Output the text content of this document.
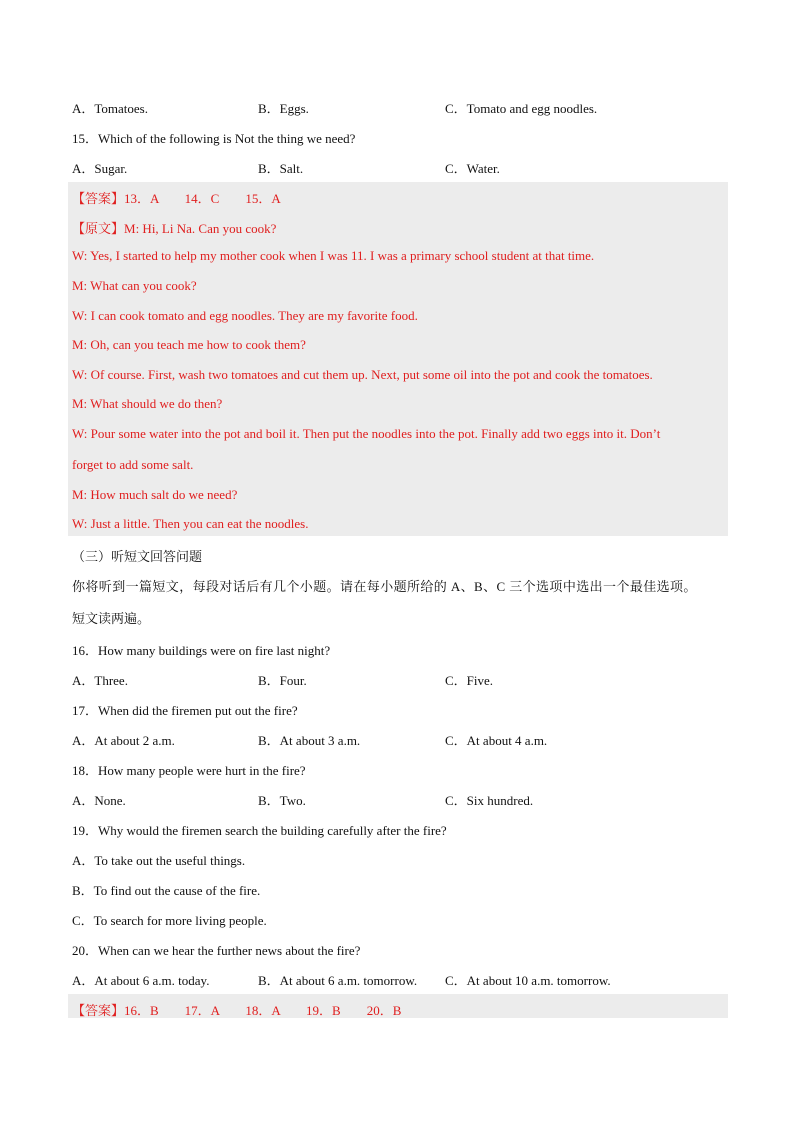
A．Tomatoes.	B．Eggs.	C．Tomato and egg noodles.
15．Which of the following is Not the thing we need?
A．Sugar.	B．Salt.	C．Water.
【答案】13．A　　14．C　　15．A
【原文】M: Hi, Li Na. Can you cook?
W: Yes, I started to help my mother cook when I was 11. I was a primary school student at that time.
M: What can you cook?
W: I can cook tomato and egg noodles. They are my favorite food.
M: Oh, can you teach me how to cook them?
W: Of course. First, wash two tomatoes and cut them up. Next, put some oil into the pot and cook the tomatoes.
M: What should we do then?
W: Pour some water into the pot and boil it. Then put the noodles into the pot. Finally add two eggs into it. Don’t
forget to add some salt.
M: How much salt do we need?
W: Just a little. Then you can eat the noodles.
（三）听短文回答问题
你将听到一篇短文，每段对话后有几个小题。请在每小题所给的 A、B、C 三个选项中选出一个最佳选项。
短文读两遍。
16．How many buildings were on fire last night?
A．Three.	B．Four.	C．Five.
17．When did the firemen put out the fire?
A．At about 2 a.m.	B．At about 3 a.m.	C．At about 4 a.m.
18．How many people were hurt in the fire?
A．None.	B．Two.	C．Six hundred.
19．Why would the firemen search the building carefully after the fire?
A．To take out the useful things.
B．To find out the cause of the fire.
C．To search for more living people.
20．When can we hear the further news about the fire?
A．At about 6 a.m. today.	B．At about 6 a.m. tomorrow. C．At about 10 a.m. tomorrow.
【答案】16．B　　17．A　　18．A　　19．B　　20．B
